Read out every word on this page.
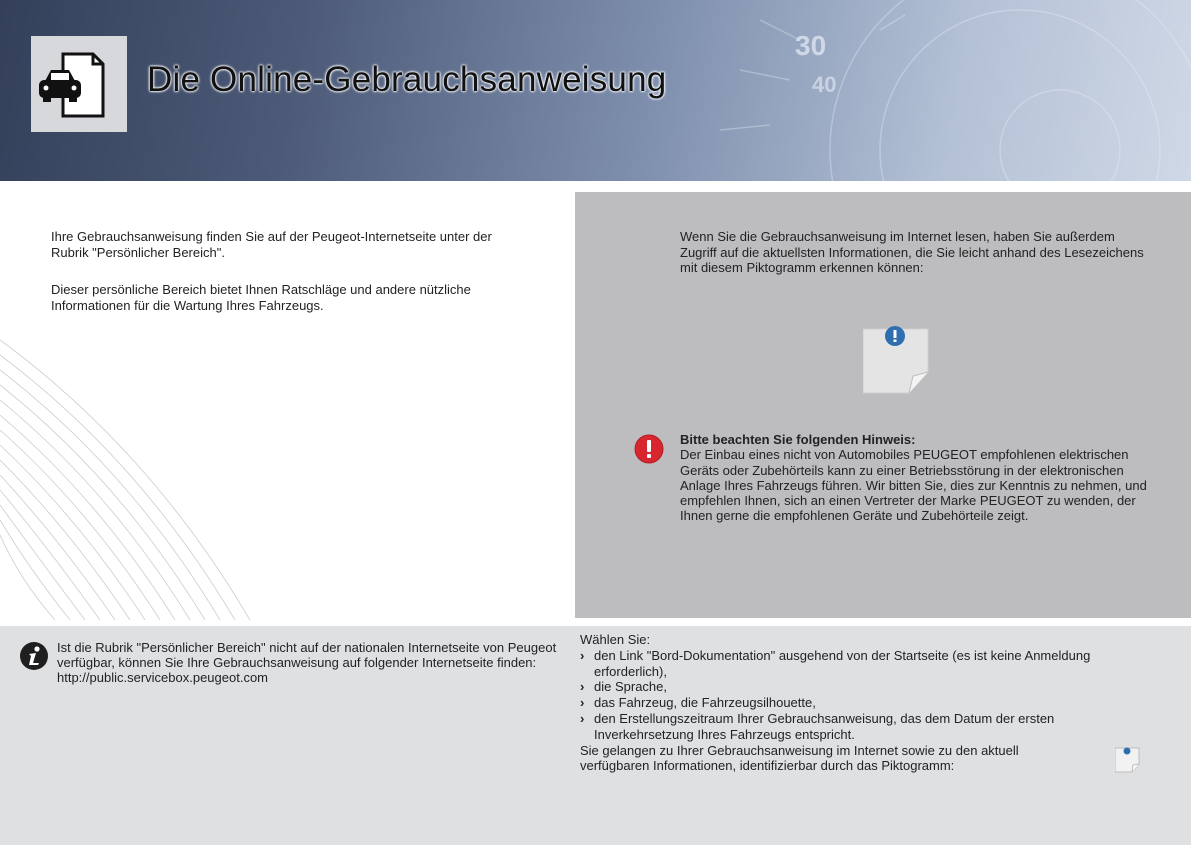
30
40
Die Online-Gebrauchsanweisung

Ihre Gebrauchsanweisung finden Sie auf der Peugeot-Internetseite unter der Rubrik "Persönlicher Bereich".

Dieser persönliche Bereich bietet Ihnen Ratschläge und andere nützliche Informationen für die Wartung Ihres Fahrzeugs.

Wenn Sie die Gebrauchsanweisung im Internet lesen, haben Sie außerdem Zugriff auf die aktuellsten Informationen, die Sie leicht anhand des Lesezeichens mit diesem Piktogramm erkennen können:
Bitte beachten Sie folgenden Hinweis:
Der Einbau eines nicht von Automobiles PEUGEOT empfohlenen elektrischen Geräts oder Zubehörteils kann zu einer Betriebsstörung in der elektronischen Anlage Ihres Fahrzeugs führen. Wir bitten Sie, dies zur Kenntnis zu nehmen, und empfehlen Ihnen, sich an einen Vertreter der Marke PEUGEOT zu wenden, der Ihnen gerne die empfohlenen Geräte und Zubehörteile zeigt.
Ist die Rubrik "Persönlicher Bereich" nicht auf der nationalen Internetseite von Peugeot verfügbar, können Sie Ihre Gebrauchsanweisung auf folgender Internetseite finden:
http://public.servicebox.peugeot.com
Wählen Sie:
› den Link "Bord-Dokumentation" ausgehend von der Startseite (es ist keine Anmeldung erforderlich),
› die Sprache,
› das Fahrzeug, die Fahrzeugsilhouette,
› den Erstellungszeitraum Ihrer Gebrauchsanweisung, das dem Datum der ersten Inverkehrsetzung Ihres Fahrzeugs entspricht.
Sie gelangen zu Ihrer Gebrauchsanweisung im Internet sowie zu den aktuell verfügbaren Informationen, identifizierbar durch das Piktogramm:
